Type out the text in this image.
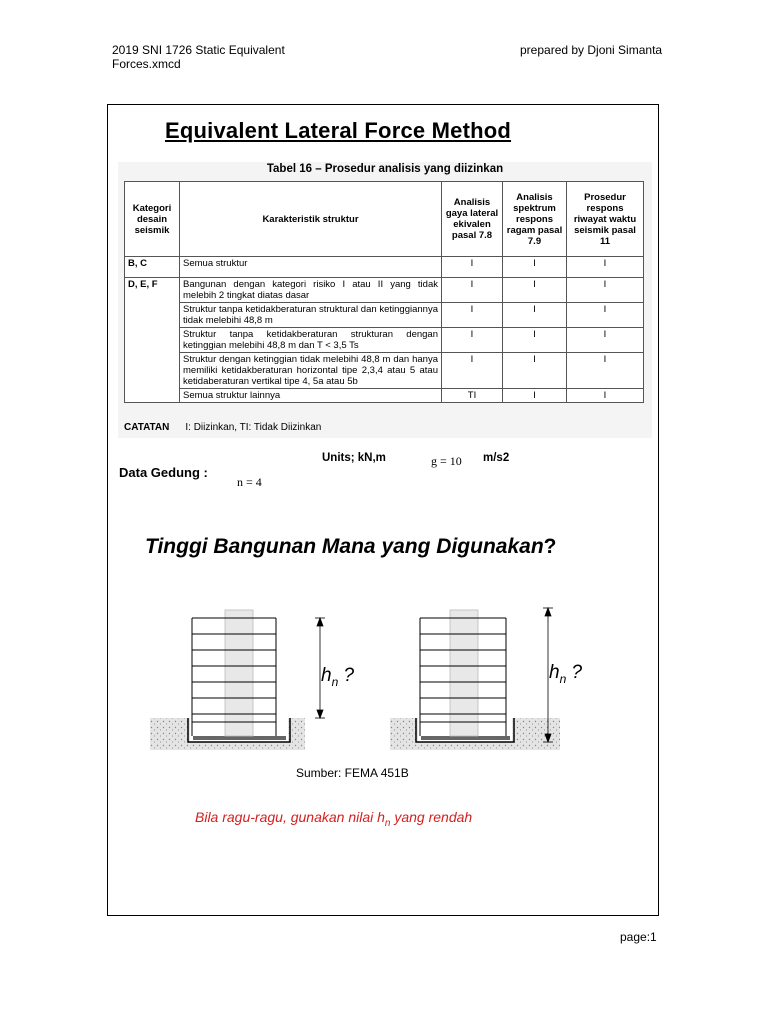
2019 SNI 1726 Static Equivalent Forces.xmcd
prepared by Djoni Simanta
Equivalent Lateral Force Method
Tabel 16 – Prosedur analisis yang diizinkan
Kategori desain seismik	Karakteristik struktur	Analisis gaya lateral ekivalen pasal 7.8	Analisis spektrum respons ragam pasal 7.9	Prosedur respons riwayat waktu seismik pasal 11
B, C	Semua struktur	I	I	I
D, E, F	Bangunan dengan kategori risiko I atau II yang tidak melebih 2 tingkat diatas dasar	I	I	I
	Struktur tanpa ketidakberaturan struktural dan ketinggiannya tidak melebihi 48,8 m	I	I	I
	Struktur tanpa ketidakberaturan strukturan dengan ketinggian melebihi 48,8 m dan T < 3,5 Ts	I	I	I
	Struktur dengan ketinggian tidak melebihi 48,8 m dan hanya memiliki ketidakberaturan horizontal tipe 2,3,4 atau 5 atau ketidaberaturan vertikal tipe 4, 5a atau 5b	I	I	I
	Semua struktur lainnya	TI	I	I
CATATAN I: Diizinkan, TI: Tidak Diizinkan
Units; kN,m	g = 10 m/s2
Data Gedung :
n = 4
Tinggi Bangunan Mana yang Digunakan?
$h_n$ ?	$h_n$ ?
Sumber: FEMA 451B
Bila ragu-ragu, gunakan nilai $h_n$ yang rendah
page:1
